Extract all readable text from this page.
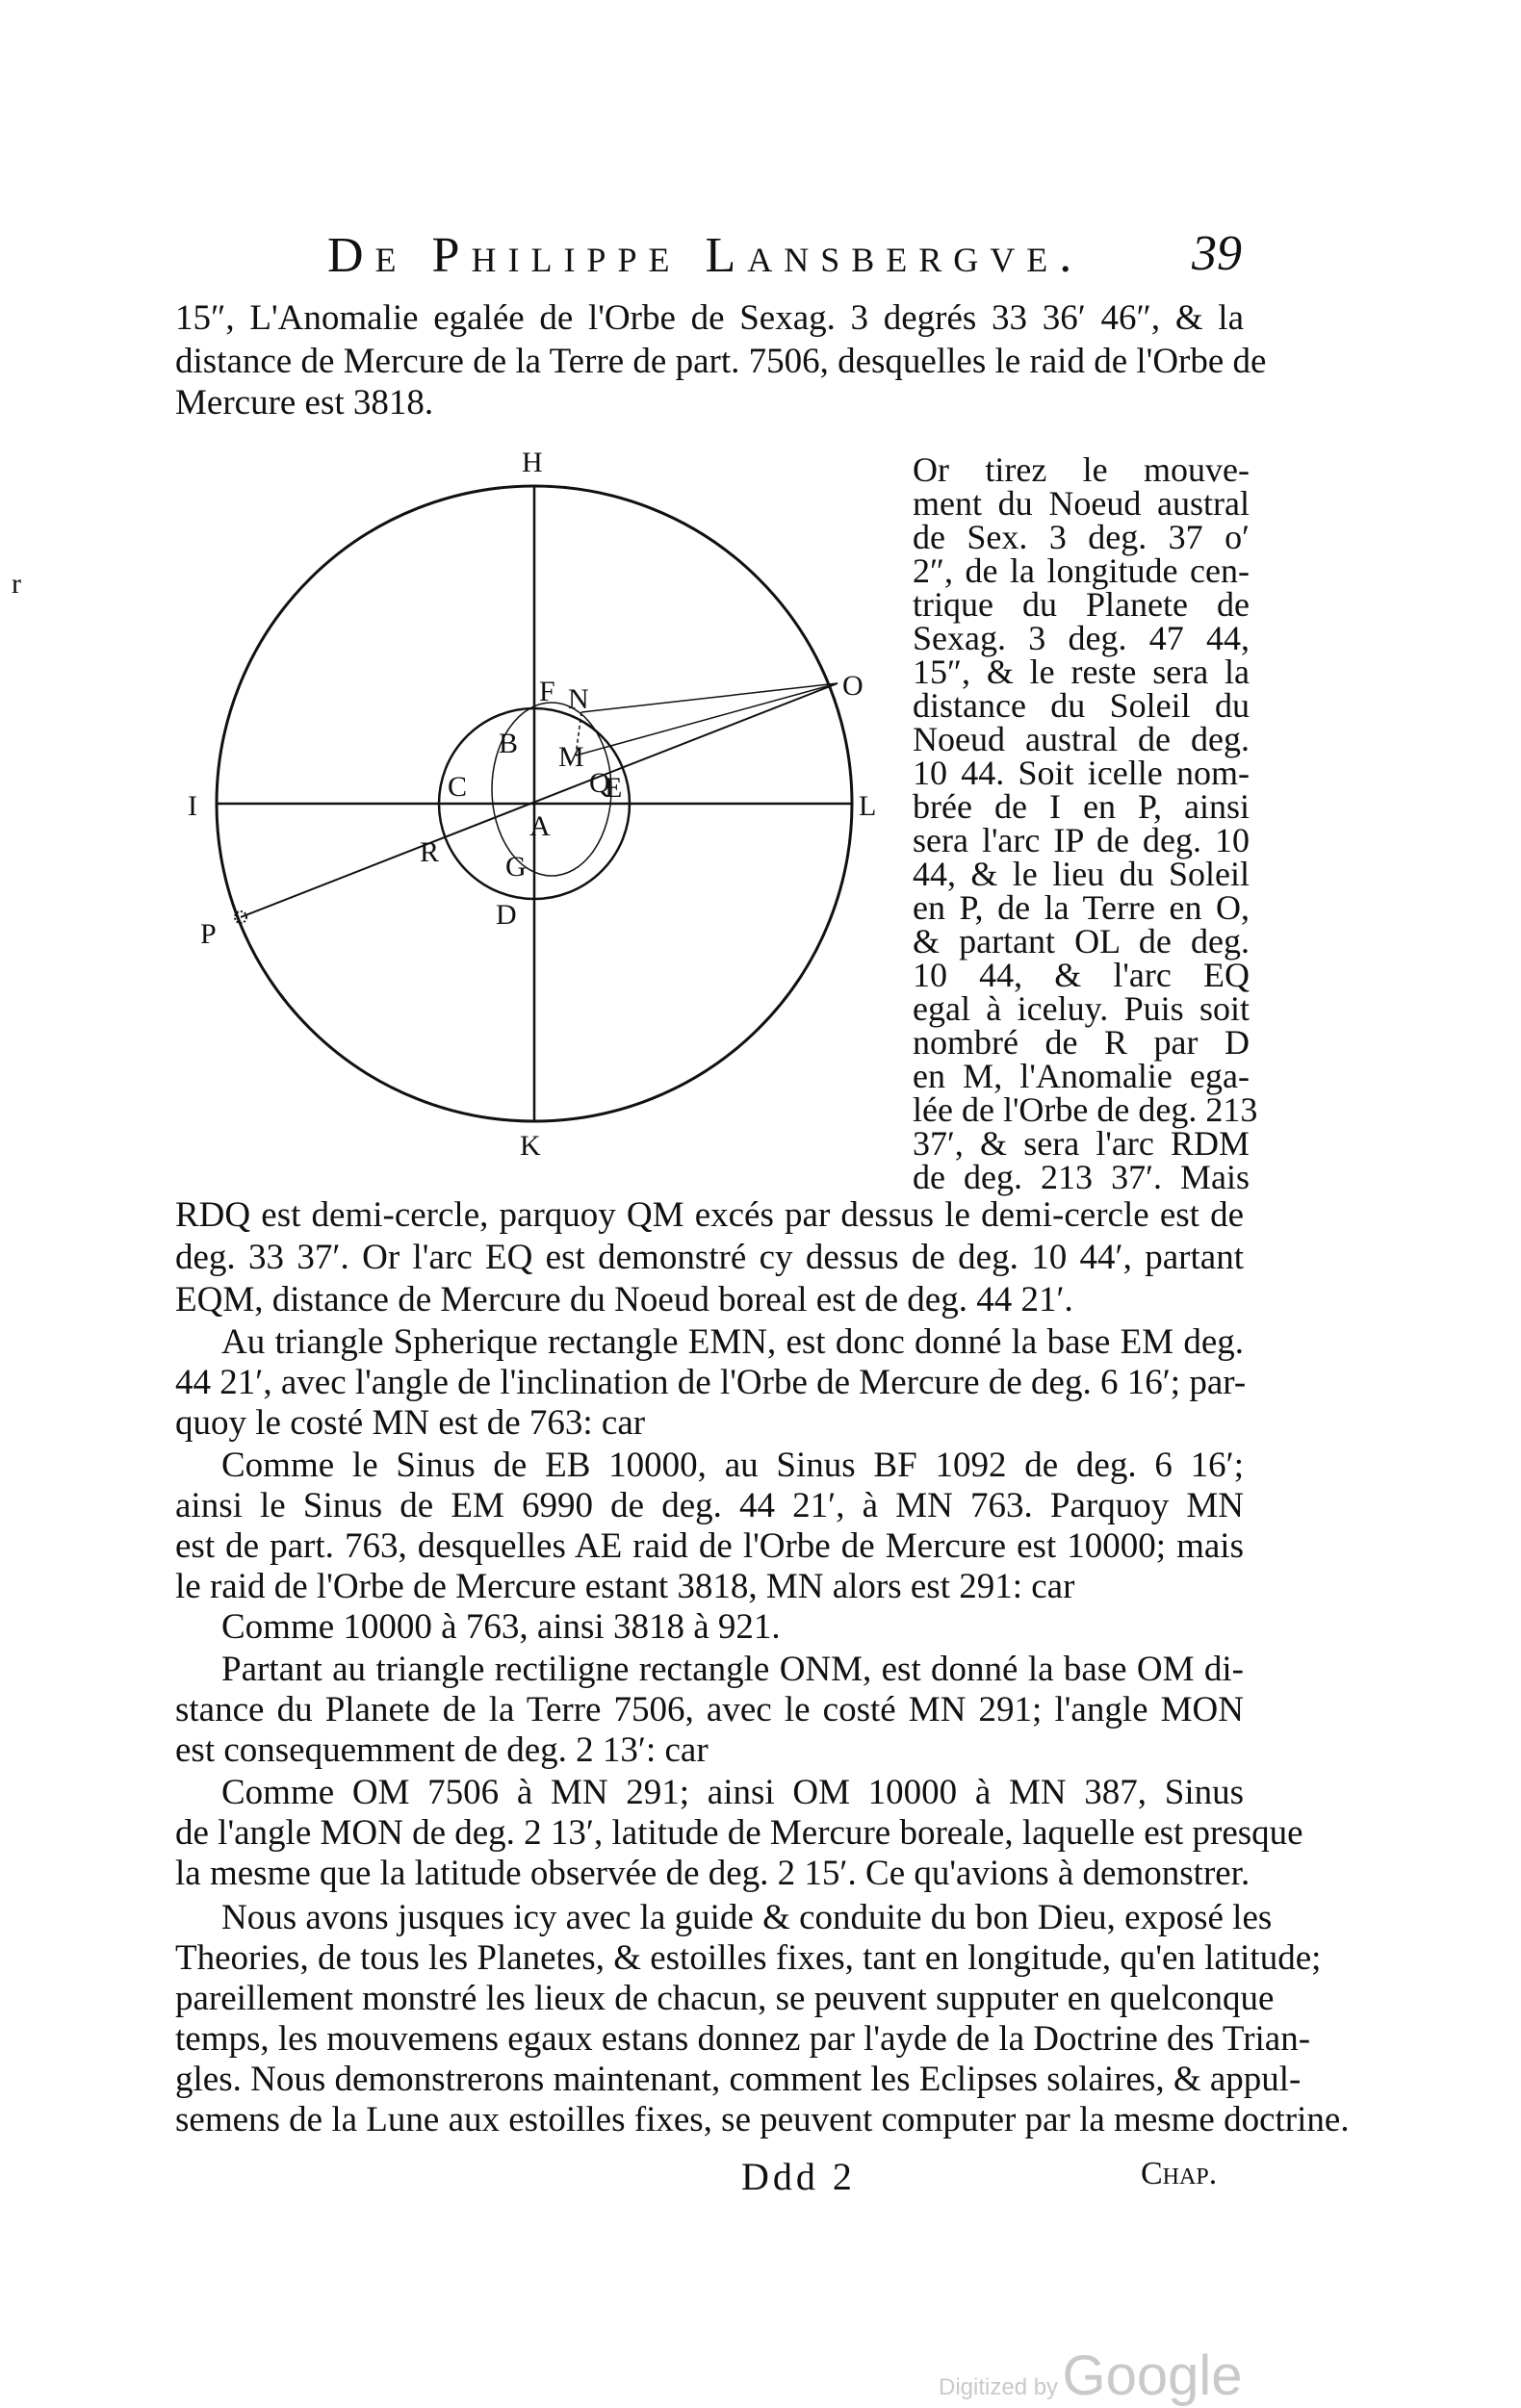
De Philippe Lansbergve. 39
r
15″, L'Anomalie egalée de l'Orbe de Sexag. 3 degrés 33 36′ 46″, & la
distance de Mercure de la Terre de part. 7506, desquelles le raid de l'Orbe de
Mercure est 3818.
H
K
I	L
O
P
A
B
C
D
E
F
G
M
N
Q
R
Or tirez le mouve-
ment du Noeud austral
de Sex. 3 deg. 37 o′
2″, de la longitude cen-
trique du Planete de
Sexag. 3 deg. 47 44,
15″, & le reste sera la
distance du Soleil du
Noeud austral de deg.
10 44. Soit icelle nom-
brée de I en P, ainsi
sera l'arc IP de deg. 10
44, & le lieu du Soleil
en P, de la Terre en O,
& partant OL de deg.
10 44, & l'arc EQ
egal à iceluy. Puis soit
nombré de R par D
en M, l'Anomalie ega-
lée de l'Orbe de deg. 213
37′, & sera l'arc RDM
de deg. 213 37′. Mais
RDQ est demi-cercle, parquoy QM excés par dessus le demi-cercle est de
deg. 33 37′. Or l'arc EQ est demonstré cy dessus de deg. 10 44′, partant
EQM, distance de Mercure du Noeud boreal est de deg. 44 21′.
Au triangle Spherique rectangle EMN, est donc donné la base EM deg.
44 21′, avec l'angle de l'inclination de l'Orbe de Mercure de deg. 6 16′; par-
quoy le costé MN est de 763: car
Comme le Sinus de EB 10000, au Sinus BF 1092 de deg. 6 16′;
ainsi le Sinus de EM 6990 de deg. 44 21′, à MN 763. Parquoy MN
est de part. 763, desquelles AE raid de l'Orbe de Mercure est 10000; mais
le raid de l'Orbe de Mercure estant 3818, MN alors est 291: car
Comme 10000 à 763, ainsi 3818 à 921.
Partant au triangle rectiligne rectangle ONM, est donné la base OM di-
stance du Planete de la Terre 7506, avec le costé MN 291; l'angle MON
est consequemment de deg. 2 13′: car
Comme OM 7506 à MN 291; ainsi OM 10000 à MN 387, Sinus
de l'angle MON de deg. 2 13′, latitude de Mercure boreale, laquelle est presque
la mesme que la latitude observée de deg. 2 15′. Ce qu'avions à demonstrer.
Nous avons jusques icy avec la guide & conduite du bon Dieu, exposé les
Theories, de tous les Planetes, & estoilles fixes, tant en longitude, qu'en latitude;
pareillement monstré les lieux de chacun, se peuvent supputer en quelconque
temps, les mouvemens egaux estans donnez par l'ayde de la Doctrine des Trian-
gles. Nous demonstrerons maintenant, comment les Eclipses solaires, & appul-
semens de la Lune aux estoilles fixes, se peuvent computer par la mesme doctrine.
Ddd 2	Chap.
Digitized by Google
